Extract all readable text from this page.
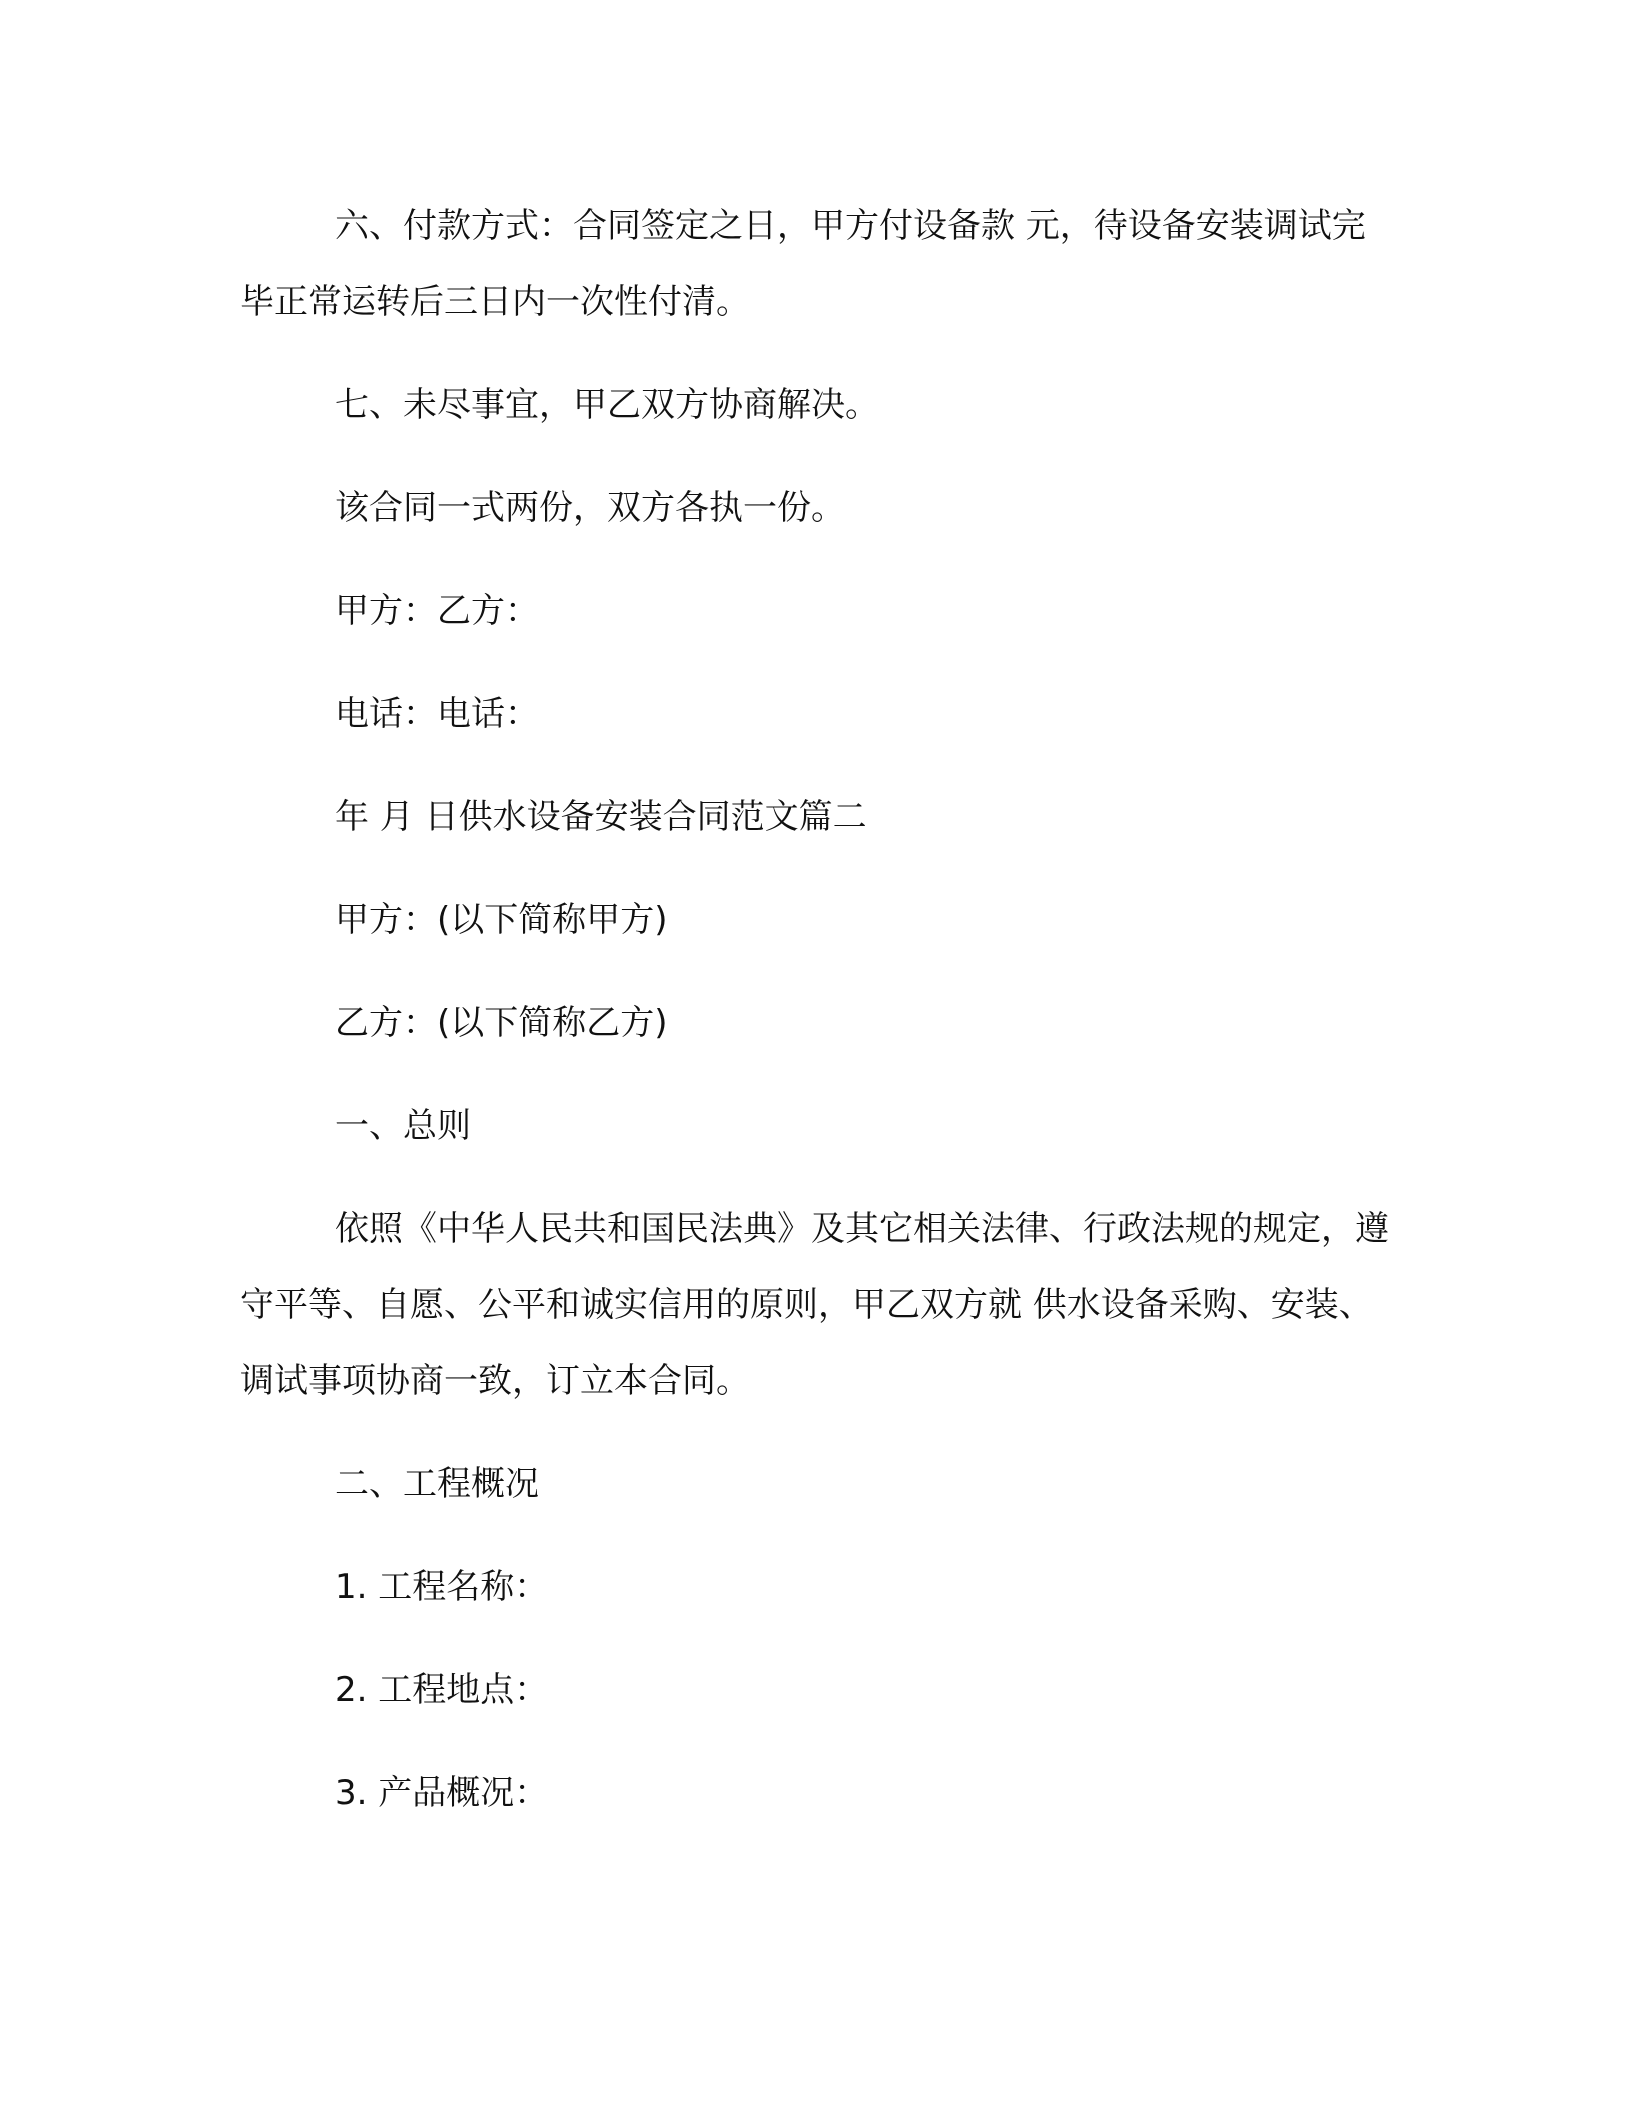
六、付款方式：合同签定之日，甲方付设备款 元，待设备安装调试完毕正常运转后三日内一次性付清。

七、未尽事宜，甲乙双方协商解决。

该合同一式两份，双方各执一份。

甲方：乙方：

电话：电话：

年 月 日供水设备安装合同范文篇二

甲方：(以下简称甲方)

乙方：(以下简称乙方)

一、总则

依照《中华人民共和国民法典》及其它相关法律、行政法规的规定，遵守平等、自愿、公平和诚实信用的原则，甲乙双方就 供水设备采购、安装、调试事项协商一致，订立本合同。

二、工程概况

1. 工程名称：

2. 工程地点：

3. 产品概况：
